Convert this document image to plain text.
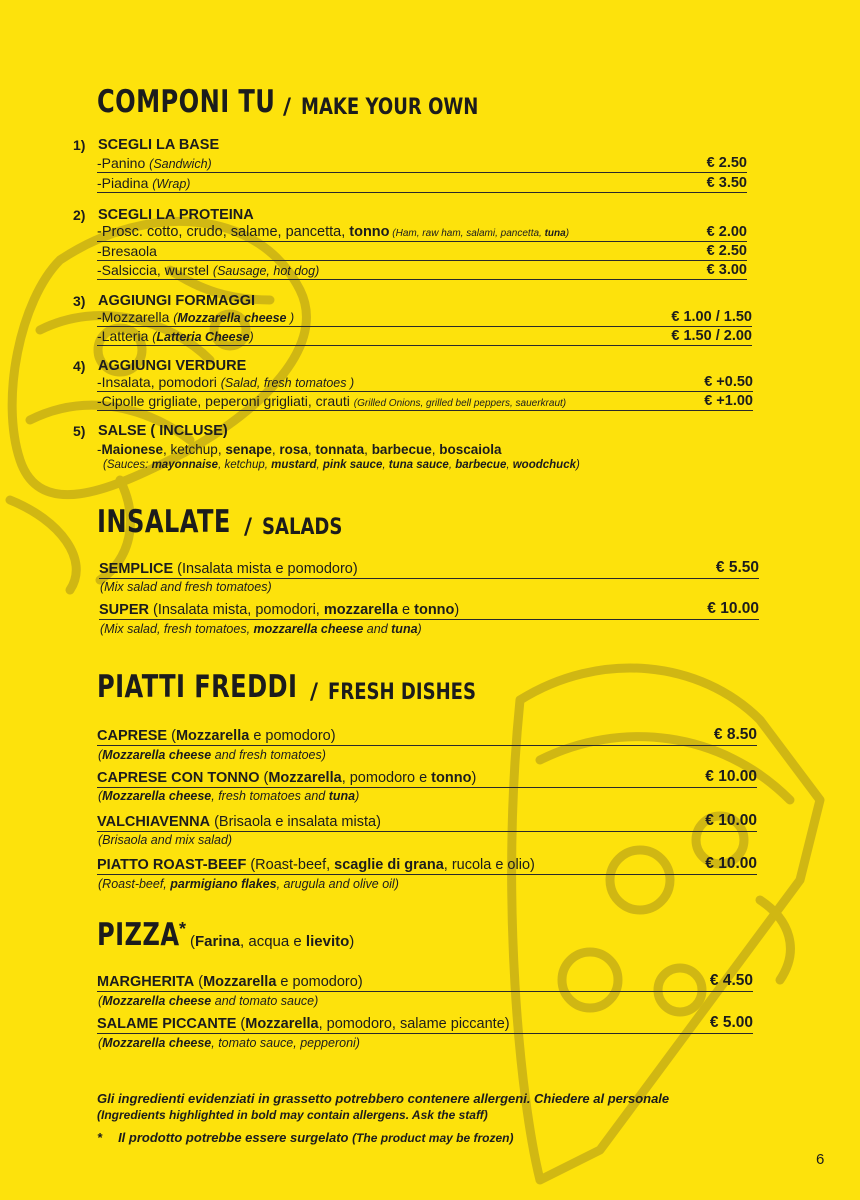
COMPONI TU / MAKE YOUR OWN
1) SCEGLI LA BASE
-Panino (Sandwich)	€ 2.50
-Piadina (Wrap)	€ 3.50
2) SCEGLI LA PROTEINA
-Prosc. cotto, crudo, salame, pancetta, tonno (Ham, raw ham, salami, pancetta, tuna)	€ 2.00
-Bresaola	€ 2.50
-Salsiccia, wurstel (Sausage, hot dog)	€ 3.00
3) AGGIUNGI FORMAGGI
-Mozzarella (Mozzarella cheese )	€ 1.00 / 1.50
-Latteria (Latteria Cheese)	€ 1.50 / 2.00
4) AGGIUNGI VERDURE
-Insalata, pomodori (Salad, fresh tomatoes )	€ +0.50
-Cipolle grigliate, peperoni grigliati, crauti (Grilled Onions, grilled bell peppers, sauerkraut)	€ +1.00
5) SALSE ( INCLUSE)
-Maionese, ketchup, senape, rosa, tonnata, barbecue, boscaiola
(Sauces: mayonnaise, ketchup, mustard, pink sauce, tuna sauce, barbecue, woodchuck)
INSALATE / SALADS
SEMPLICE (Insalata mista e pomodoro)	€ 5.50
(Mix salad and fresh tomatoes)
SUPER (Insalata mista, pomodori, mozzarella e tonno)	€ 10.00
(Mix salad, fresh tomatoes, mozzarella cheese and tuna)
PIATTI FREDDI / FRESH DISHES
CAPRESE (Mozzarella e pomodoro)	€ 8.50
(Mozzarella cheese and fresh tomatoes)
CAPRESE CON TONNO (Mozzarella, pomodoro e tonno)	€ 10.00
(Mozzarella cheese, fresh tomatoes and tuna)
VALCHIAVENNA (Brisaola e insalata mista)	€ 10.00
(Brisaola and mix salad)
PIATTO ROAST-BEEF (Roast-beef, scaglie di grana, rucola e olio)	€ 10.00
(Roast-beef, parmigiano flakes, arugula and olive oil)
PIZZA *
(Farina, acqua e lievito)
MARGHERITA (Mozzarella e pomodoro)	€ 4.50
(Mozzarella cheese and tomato sauce)
SALAME PICCANTE (Mozzarella, pomodoro, salame piccante)	€ 5.00
(Mozzarella cheese, tomato sauce, pepperoni)
Gli ingredienti evidenziati in grassetto potrebbero contenere allergeni. Chiedere al personale
(Ingredients highlighted in bold may contain allergens. Ask the staff)
* Il prodotto potrebbe essere surgelato (The product may be frozen)
6
